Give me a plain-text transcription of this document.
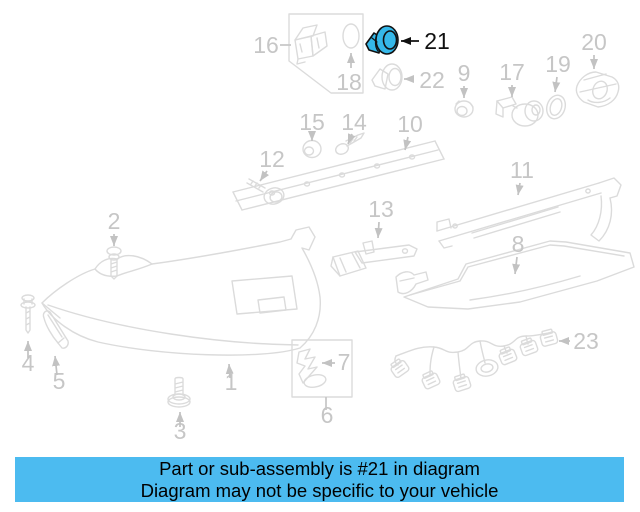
16
18
21
22 9 17 19
20
15 14 10
12
2
11
13
8
1
3
4
5
6
7
23
Part or sub-assembly is #21 in diagram
Diagram may not be specific to your vehicle
